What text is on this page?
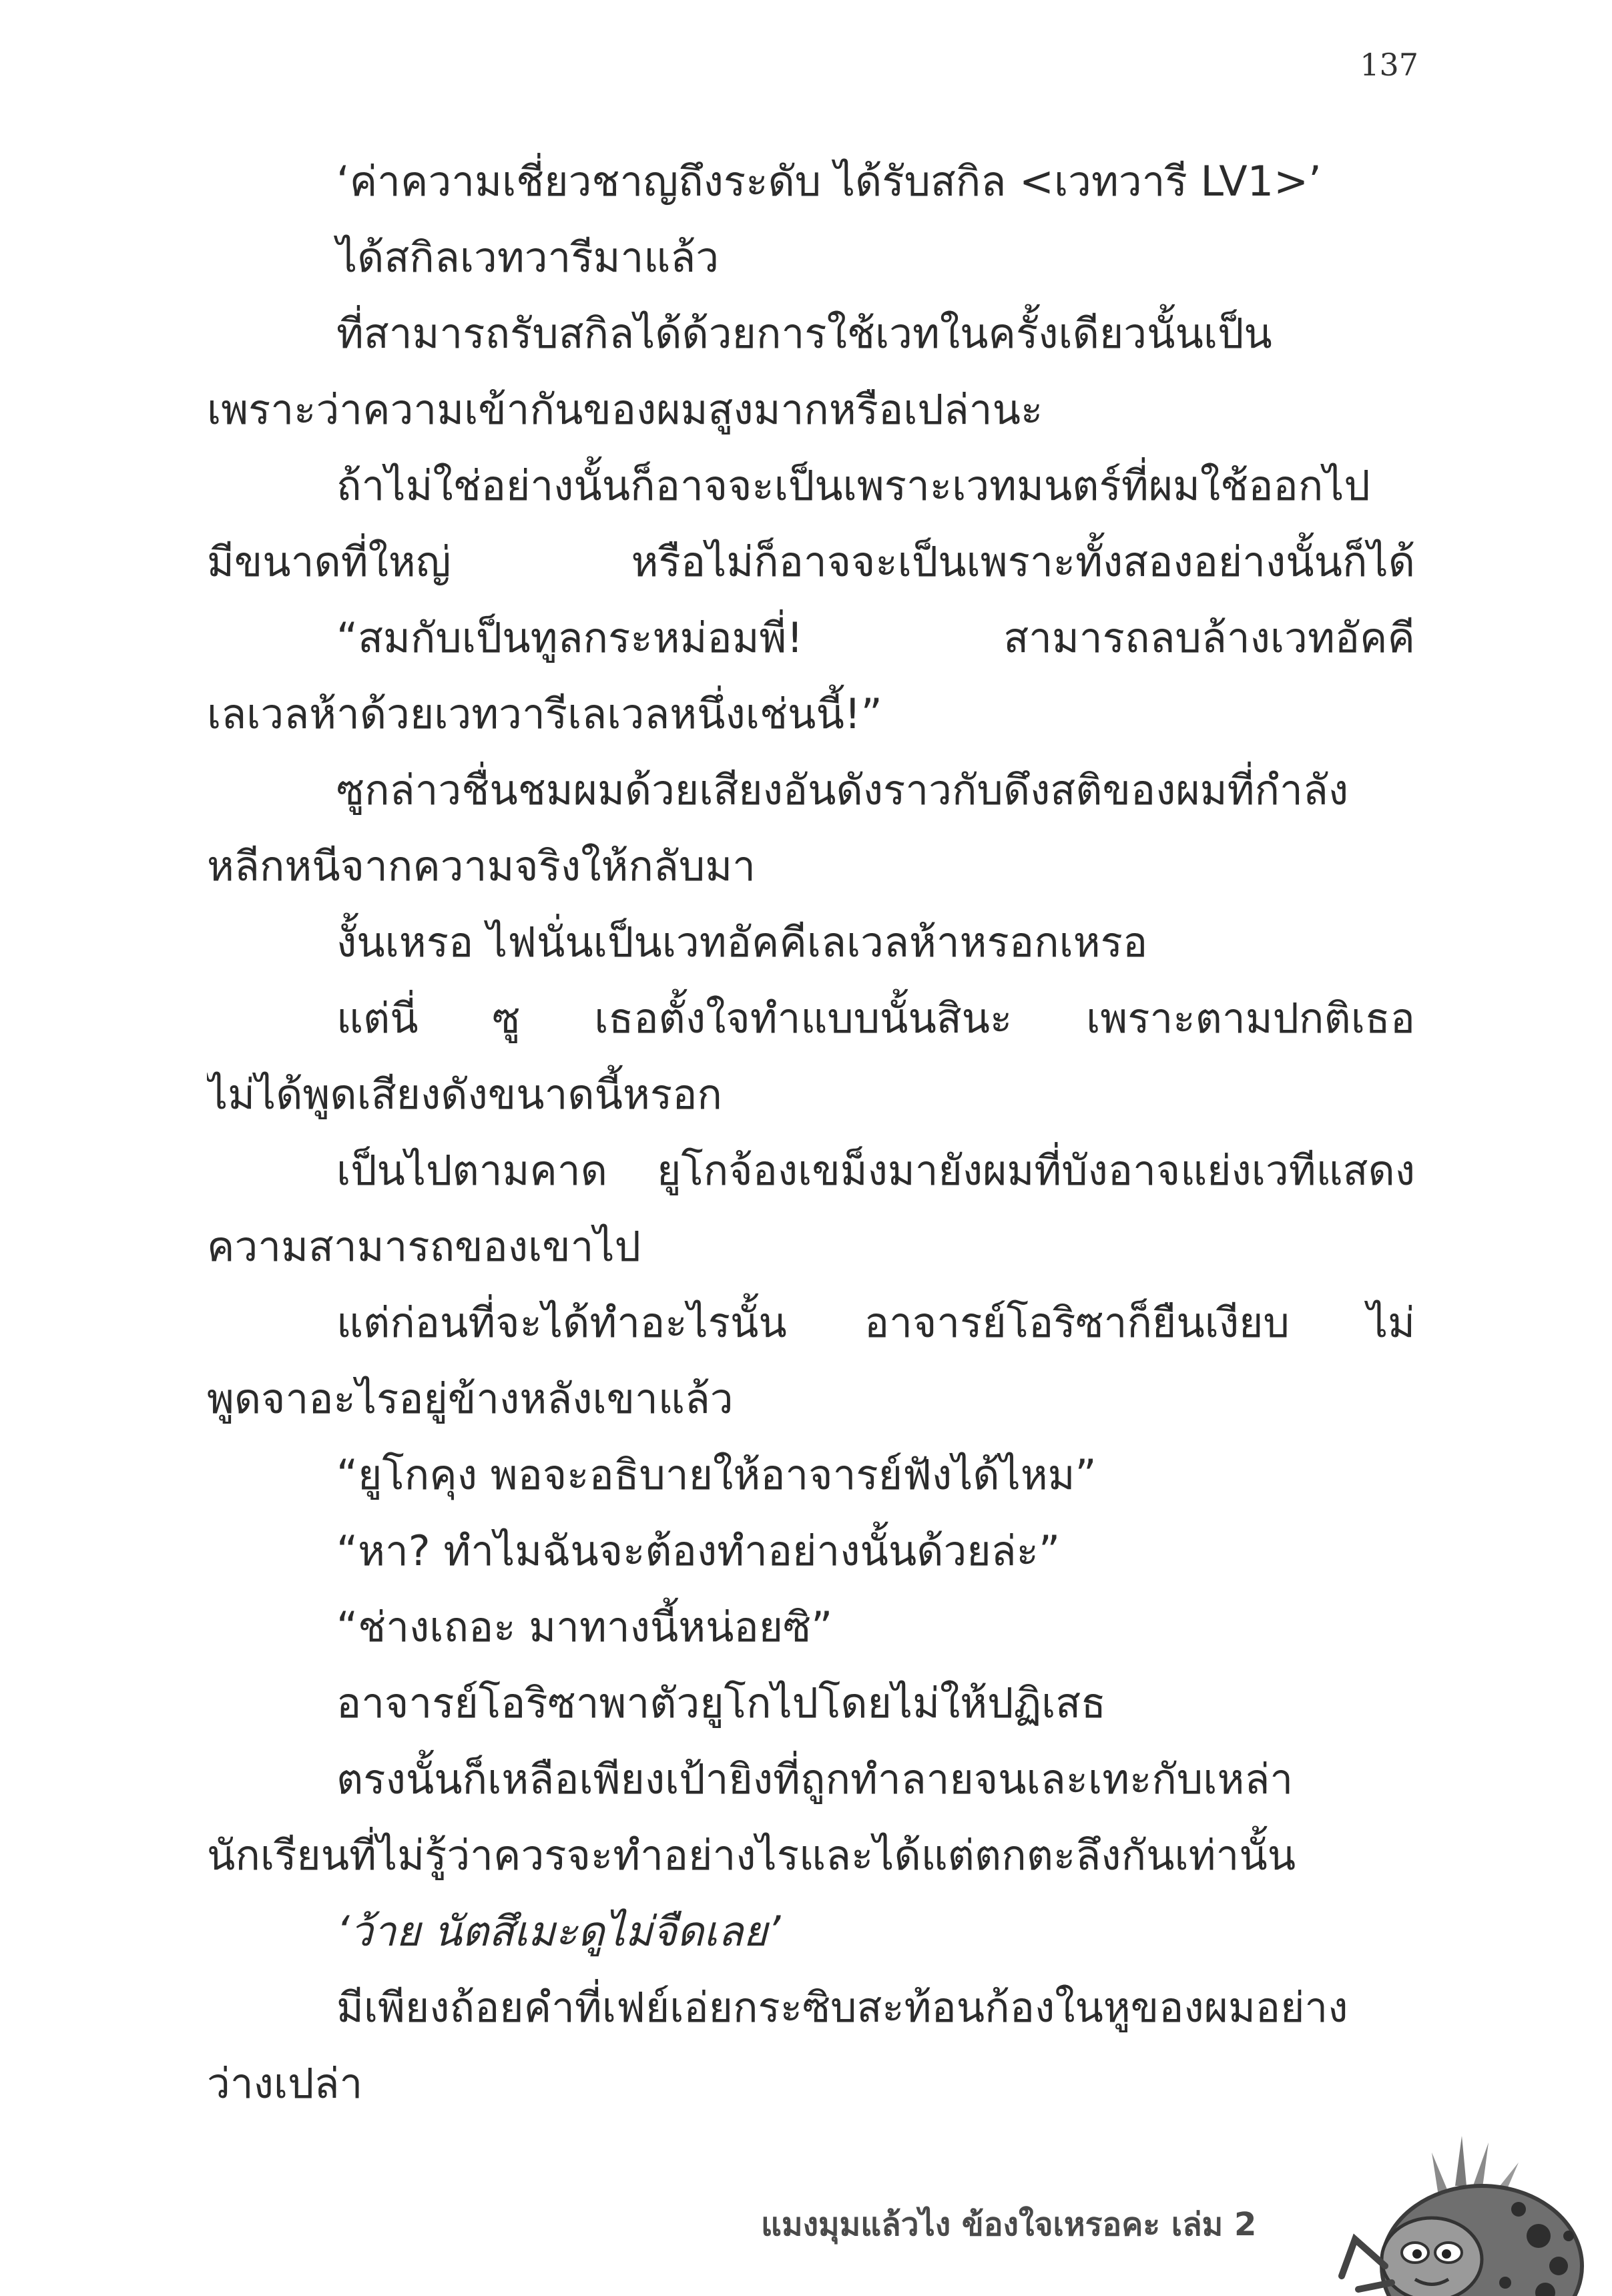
137
‘ค่าความเชี่ยวชาญถึงระดับ ได้รับสกิล <เวทวารี LV1>’
ได้สกิลเวทวารีมาแล้ว
ที่สามารถรับสกิลได้ด้วยการใช้เวทในครั้งเดียวนั้นเป็น
เพราะว่าความเข้ากันของผมสูงมากหรือเปล่านะ
ถ้าไม่ใช่อย่างนั้นก็อาจจะเป็นเพราะเวทมนตร์ที่ผมใช้ออกไป
มีขนาดที่ใหญ่ หรือไม่ก็อาจจะเป็นเพราะทั้งสองอย่างนั้นก็ได้
“สมกับเป็นทูลกระหม่อมพี่! สามารถลบล้างเวทอัคคี
เลเวลห้าด้วยเวทวารีเลเวลหนึ่งเช่นนี้!”
ซูกล่าวชื่นชมผมด้วยเสียงอันดังราวกับดึงสติของผมที่กำลัง
หลีกหนีจากความจริงให้กลับมา
งั้นเหรอ ไฟนั่นเป็นเวทอัคคีเลเวลห้าหรอกเหรอ
แต่นี่ ซู เธอตั้งใจทำแบบนั้นสินะ เพราะตามปกติเธอ
ไม่ได้พูดเสียงดังขนาดนี้หรอก
เป็นไปตามคาด ยูโกจ้องเขม็งมายังผมที่บังอาจแย่งเวทีแสดง
ความสามารถของเขาไป
แต่ก่อนที่จะได้ทำอะไรนั้น อาจารย์โอริซาก็ยืนเงียบ ไม่
พูดจาอะไรอยู่ข้างหลังเขาแล้ว
“ยูโกคุง พอจะอธิบายให้อาจารย์ฟังได้ไหม”
“หา? ทำไมฉันจะต้องทำอย่างนั้นด้วยล่ะ”
“ช่างเถอะ มาทางนี้หน่อยซิ”
อาจารย์โอริซาพาตัวยูโกไปโดยไม่ให้ปฏิเสธ
ตรงนั้นก็เหลือเพียงเป้ายิงที่ถูกทำลายจนเละเทะกับเหล่า
นักเรียนที่ไม่รู้ว่าควรจะทำอย่างไรและได้แต่ตกตะลึงกันเท่านั้น
‘ว้าย นัตสึเมะดูไม่จืดเลย’
มีเพียงถ้อยคำที่เฟย์เอ่ยกระซิบสะท้อนก้องในหูของผมอย่าง
ว่างเปล่า
แมงมุมแล้วไง ข้องใจเหรอคะ เล่ม 2
